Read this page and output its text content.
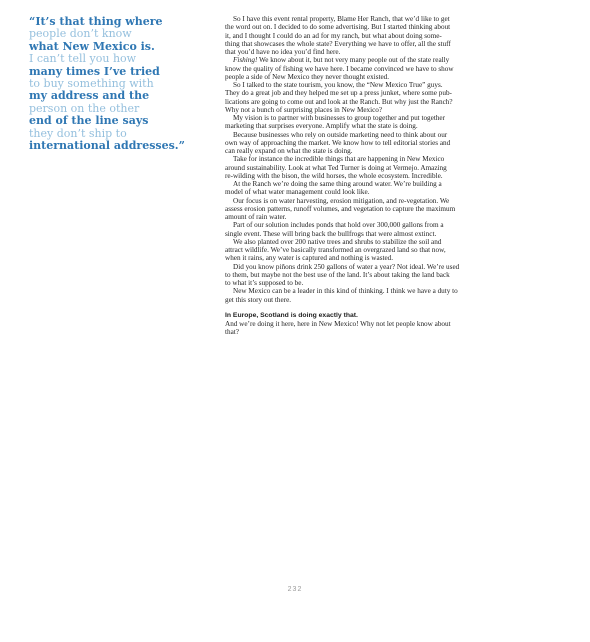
“It’s that thing where
people don’t know
what New Mexico is.
I can’t tell you how
many times I’ve tried
to buy something with
my address and the
person on the other
end of the line says
they don’t ship to
international addresses.”
So I have this event rental property, Blame Her Ranch, that we’d like to get
the word out on. I decided to do some advertising. But I started thinking about
it, and I thought I could do an ad for my ranch, but what about doing some-
thing that showcases the whole state? Everything we have to offer, all the stuff
that you’d have no idea you’d find here.
Fishing! We know about it, but not very many people out of the state really
know the quality of fishing we have here. I became convinced we have to show
people a side of New Mexico they never thought existed.
So I talked to the state tourism, you know, the “New Mexico True” guys.
They do a great job and they helped me set up a press junket, where some pub-
lications are going to come out and look at the Ranch. But why just the Ranch?
Why not a bunch of surprising places in New Mexico?
My vision is to partner with businesses to group together and put together
marketing that surprises everyone. Amplify what the state is doing.
Because businesses who rely on outside marketing need to think about our
own way of approaching the market. We know how to tell editorial stories and
can really expand on what the state is doing.
Take for instance the incredible things that are happening in New Mexico
around sustainability. Look at what Ted Turner is doing at Vermejo. Amazing
re-wilding with the bison, the wild horses, the whole ecosystem. Incredible.
At the Ranch we’re doing the same thing around water. We’re building a
model of what water management could look like.
Our focus is on water harvesting, erosion mitigation, and re-vegetation. We
assess erosion patterns, runoff volumes, and vegetation to capture the maximum
amount of rain water.
Part of our solution includes ponds that hold over 300,000 gallons from a
single event. These will bring back the bullfrogs that were almost extinct.
We also planted over 200 native trees and shrubs to stabilize the soil and
attract wildlife. We’ve basically transformed an overgrazed land so that now,
when it rains, any water is captured and nothing is wasted.
Did you know piñons drink 250 gallons of water a year? Not ideal. We’re used
to them, but maybe not the best use of the land. It’s about taking the land back
to what it’s supposed to be.
New Mexico can be a leader in this kind of thinking. I think we have a duty to
get this story out there.
In Europe, Scotland is doing exactly that.
And we’re doing it here, here in New Mexico! Why not let people know about
that?
232
